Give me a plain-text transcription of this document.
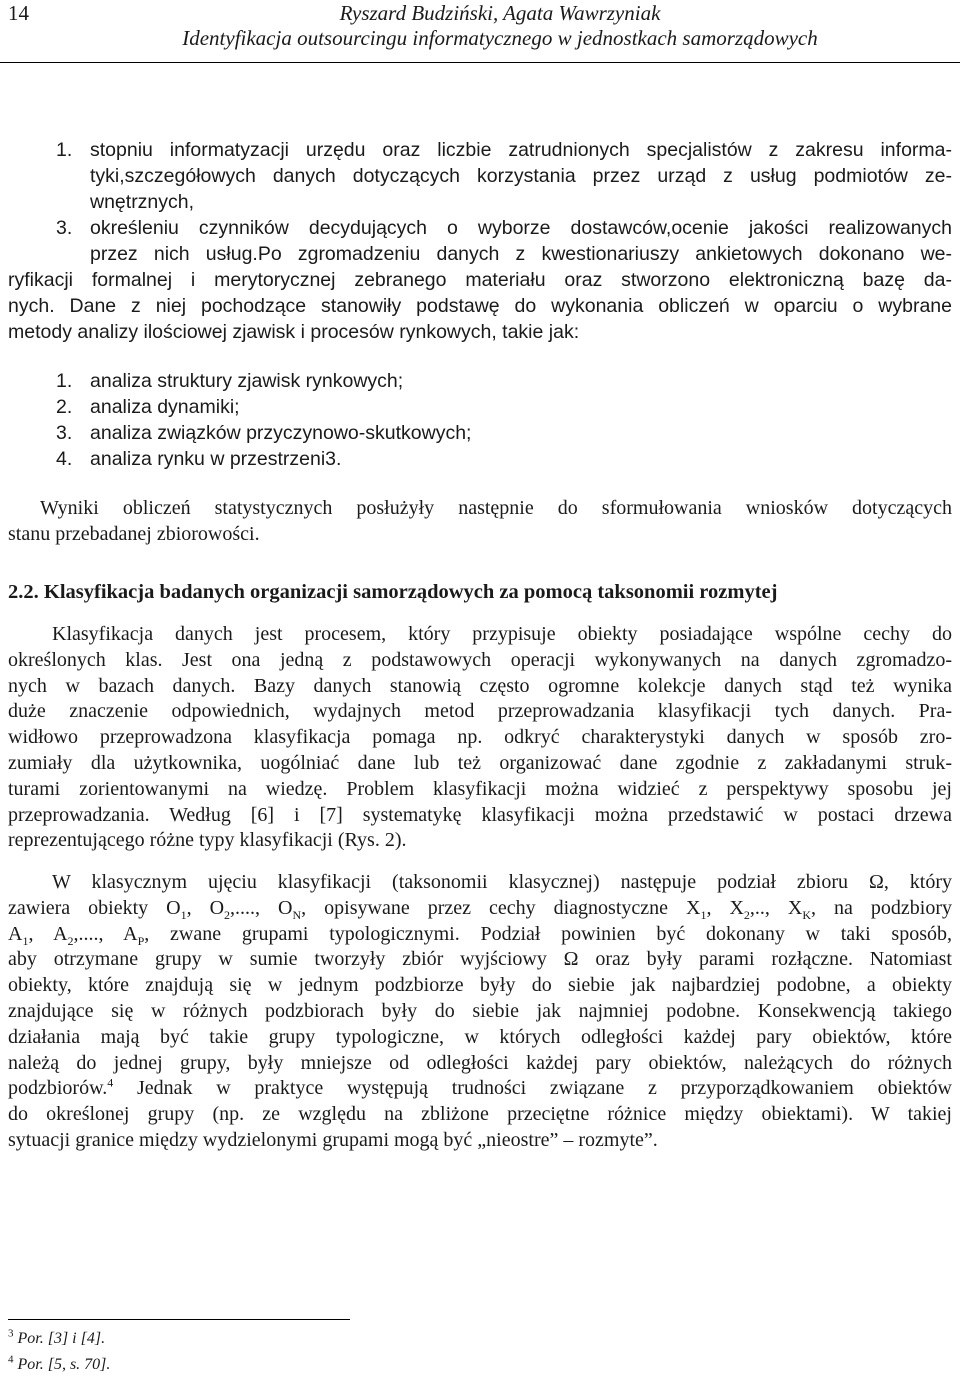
14	Ryszard Budziński, Agata Wawrzyniak
Identyfikacja outsourcingu informatycznego w jednostkach samorządowych
1. stopniu informatyzacji urzędu oraz liczbie zatrudnionych specjalistów z zakresu informa-
tyki,szczegółowych danych dotyczących korzystania przez urząd z usług podmiotów ze-
wnętrznych,
3. określeniu czynników decydujących o wyborze dostawców,ocenie jakości realizowanych
przez nich usług.Po zgromadzeniu danych z kwestionariuszy ankietowych dokonano we-
ryfikacji formalnej i merytorycznej zebranego materiału oraz stworzono elektroniczną bazę da-
nych. Dane z niej pochodzące stanowiły podstawę do wykonania obliczeń w oparciu o wybrane
metody analizy ilościowej zjawisk i procesów rynkowych, takie jak:
1. analiza struktury zjawisk rynkowych;
2. analiza dynamiki;
3. analiza związków przyczynowo-skutkowych;
4. analiza rynku w przestrzeni3.
Wyniki obliczeń statystycznych posłużyły następnie do sformułowania wniosków dotyczących
stanu przebadanej zbiorowości.
2.2. Klasyfikacja badanych organizacji samorządowych za pomocą taksonomii rozmytej
Klasyfikacja danych jest procesem, który przypisuje obiekty posiadające wspólne cechy do
określonych klas. Jest ona jedną z podstawowych operacji wykonywanych na danych zgromadzo-
nych w bazach danych. Bazy danych stanowią często ogromne kolekcje danych stąd też wynika
duże znaczenie odpowiednich, wydajnych metod przeprowadzania klasyfikacji tych danych. Pra-
widłowo przeprowadzona klasyfikacja pomaga np. odkryć charakterystyki danych w sposób zro-
zumiały dla użytkownika, uogólniać dane lub też organizować dane zgodnie z zakładanymi struk-
turami zorientowanymi na wiedzę. Problem klasyfikacji można widzieć z perspektywy sposobu jej
przeprowadzania. Według [6] i [7] systematykę klasyfikacji można przedstawić w postaci drzewa
reprezentującego różne typy klasyfikacji (Rys. 2).
W klasycznym ujęciu klasyfikacji (taksonomii klasycznej) następuje podział zbioru Ω, który
zawiera obiekty $O_1$, $O_2$,...., $O_N$, opisywane przez cechy diagnostyczne $X_1$, $X_2$,.., $X_K$, na podzbiory
$A_1$, $A_2$,...., $A_P$, zwane grupami typologicznymi. Podział powinien być dokonany w taki sposób,
aby otrzymane grupy w sumie tworzyły zbiór wyjściowy Ω oraz były parami rozłączne. Natomiast
obiekty, które znajdują się w jednym podzbiorze były do siebie jak najbardziej podobne, a obiekty
znajdujące się w różnych podzbiorach były do siebie jak najmniej podobne. Konsekwencją takiego
działania mają być takie grupy typologiczne, w których odległości każdej pary obiektów, które
należą do jednej grupy, były mniejsze od odległości każdej pary obiektów, należących do różnych
podzbiorów.$^4$ Jednak w praktyce występują trudności związane z przyporządkowaniem obiektów
do określonej grupy (np. ze względu na zbliżone przeciętne różnice między obiektami). W takiej
sytuacji granice między wydzielonymi grupami mogą być „nieostre” – rozmyte”.
$^3$ Por. [3] i [4].
$^4$ Por. [5, s. 70].
